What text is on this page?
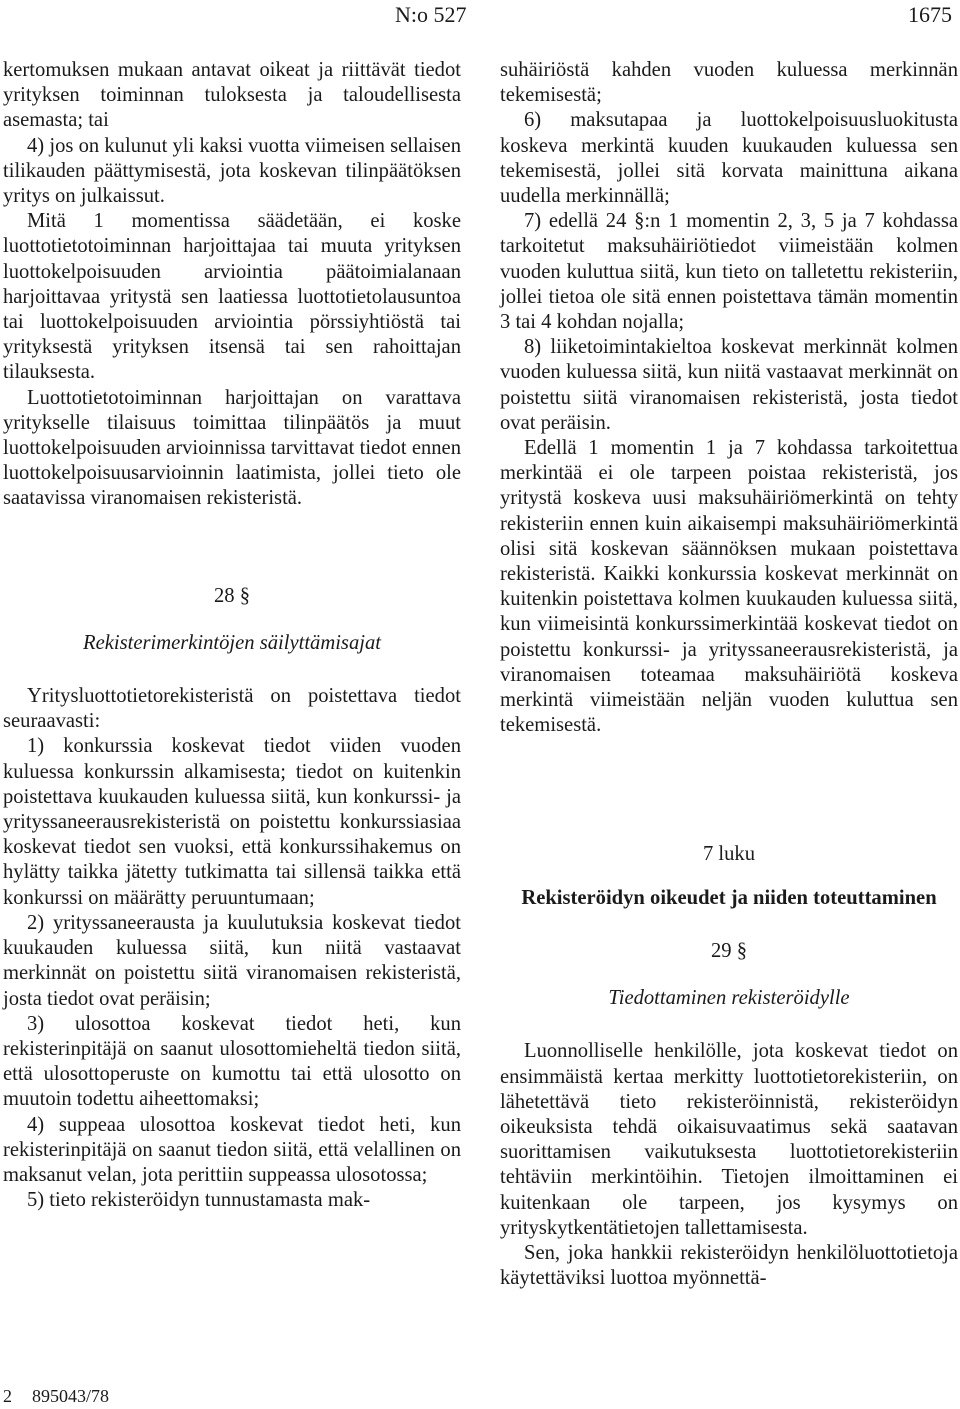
N:o 527	1675

kertomuksen mukaan antavat oikeat ja riittävät tiedot yrityksen toiminnan tuloksesta ja taloudellisesta asemasta; tai

4) jos on kulunut yli kaksi vuotta viimeisen sellaisen tilikauden päättymisestä, jota koskevan tilinpäätöksen yritys on julkaissut.

Mitä 1 momentissa säädetään, ei koske luottotietotoiminnan harjoittajaa tai muuta yrityksen luottokelpoisuuden arviointia päätoimialanaan harjoittavaa yritystä sen laatiessa luottotietolausuntoa tai luottokelpoisuuden arviointia pörssiyhtiöstä tai yrityksestä yrityksen itsensä tai sen rahoittajan tilauksesta.

Luottotietotoiminnan harjoittajan on varattava yritykselle tilaisuus toimittaa tilinpäätös ja muut luottokelpoisuuden arvioinnissa tarvittavat tiedot ennen luottokelpoisuusarvioinnin laatimista, jollei tieto ole saatavissa viranomaisen rekisteristä.

28 §

Rekisterimerkintöjen säilyttämisajat

Yritysluottotietorekisteristä on poistettava tiedot seuraavasti:

1) konkurssia koskevat tiedot viiden vuoden kuluessa konkurssin alkamisesta; tiedot on kuitenkin poistettava kuukauden kuluessa siitä, kun konkurssi- ja yrityssaneerausrekisteristä on poistettu konkurssiasiaa koskevat tiedot sen vuoksi, että konkurssihakemus on hylätty taikka jätetty tutkimatta tai sillensä taikka että konkurssi on määrätty peruuntumaan;

2) yrityssaneerausta ja kuulutuksia koskevat tiedot kuukauden kuluessa siitä, kun niitä vastaavat merkinnät on poistettu siitä viranomaisen rekisteristä, josta tiedot ovat peräisin;

3) ulosottoa koskevat tiedot heti, kun rekisterinpitäjä on saanut ulosottomieheltä tiedon siitä, että ulosottoperuste on kumottu tai että ulosotto on muutoin todettu aiheettomaksi;

4) suppeaa ulosottoa koskevat tiedot heti, kun rekisterinpitäjä on saanut tiedon siitä, että velallinen on maksanut velan, jota perittiin suppeassa ulosotossa;

5) tieto rekisteröidyn tunnustamasta mak-

suhäiriöstä kahden vuoden kuluessa merkinnän tekemisestä;

6) maksutapaa ja luottokelpoisuusluokitusta koskeva merkintä kuuden kuukauden kuluessa sen tekemisestä, jollei sitä korvata mainittuna aikana uudella merkinnällä;

7) edellä 24 §:n 1 momentin 2, 3, 5 ja 7 kohdassa tarkoitetut maksuhäiriötiedot viimeistään kolmen vuoden kuluttua siitä, kun tieto on talletettu rekisteriin, jollei tietoa ole sitä ennen poistettava tämän momentin 3 tai 4 kohdan nojalla;

8) liiketoimintakieltoa koskevat merkinnät kolmen vuoden kuluessa siitä, kun niitä vastaavat merkinnät on poistettu siitä viranomaisen rekisteristä, josta tiedot ovat peräisin.

Edellä 1 momentin 1 ja 7 kohdassa tarkoitettua merkintää ei ole tarpeen poistaa rekisteristä, jos yritystä koskeva uusi maksuhäiriömerkintä on tehty rekisteriin ennen kuin aikaisempi maksuhäiriömerkintä olisi sitä koskevan säännöksen mukaan poistettava rekisteristä. Kaikki konkurssia koskevat merkinnät on kuitenkin poistettava kolmen kuukauden kuluessa siitä, kun viimeisintä konkurssimerkintää koskevat tiedot on poistettu konkurssi- ja yrityssaneerausrekisteristä, ja viranomaisen toteamaa maksuhäiriötä koskeva merkintä viimeistään neljän vuoden kuluttua sen tekemisestä.

7 luku

Rekisteröidyn oikeudet ja niiden toteuttaminen

29 §

Tiedottaminen rekisteröidylle

Luonnolliselle henkilölle, jota koskevat tiedot on ensimmäistä kertaa merkitty luottotietorekisteriin, on lähetettävä tieto rekisteröinnistä, rekisteröidyn oikeuksista tehdä oikaisuvaatimus sekä saatavan suorittamisen vaikutuksesta luottotietorekisteriin tehtäviin merkintöihin. Tietojen ilmoittaminen ei kuitenkaan ole tarpeen, jos kysymys on yrityskytkentätietojen tallettamisesta.

Sen, joka hankkii rekisteröidyn henkilöluottotietoja käytettäviksi luottoa myönnettä-

2 895043/78
